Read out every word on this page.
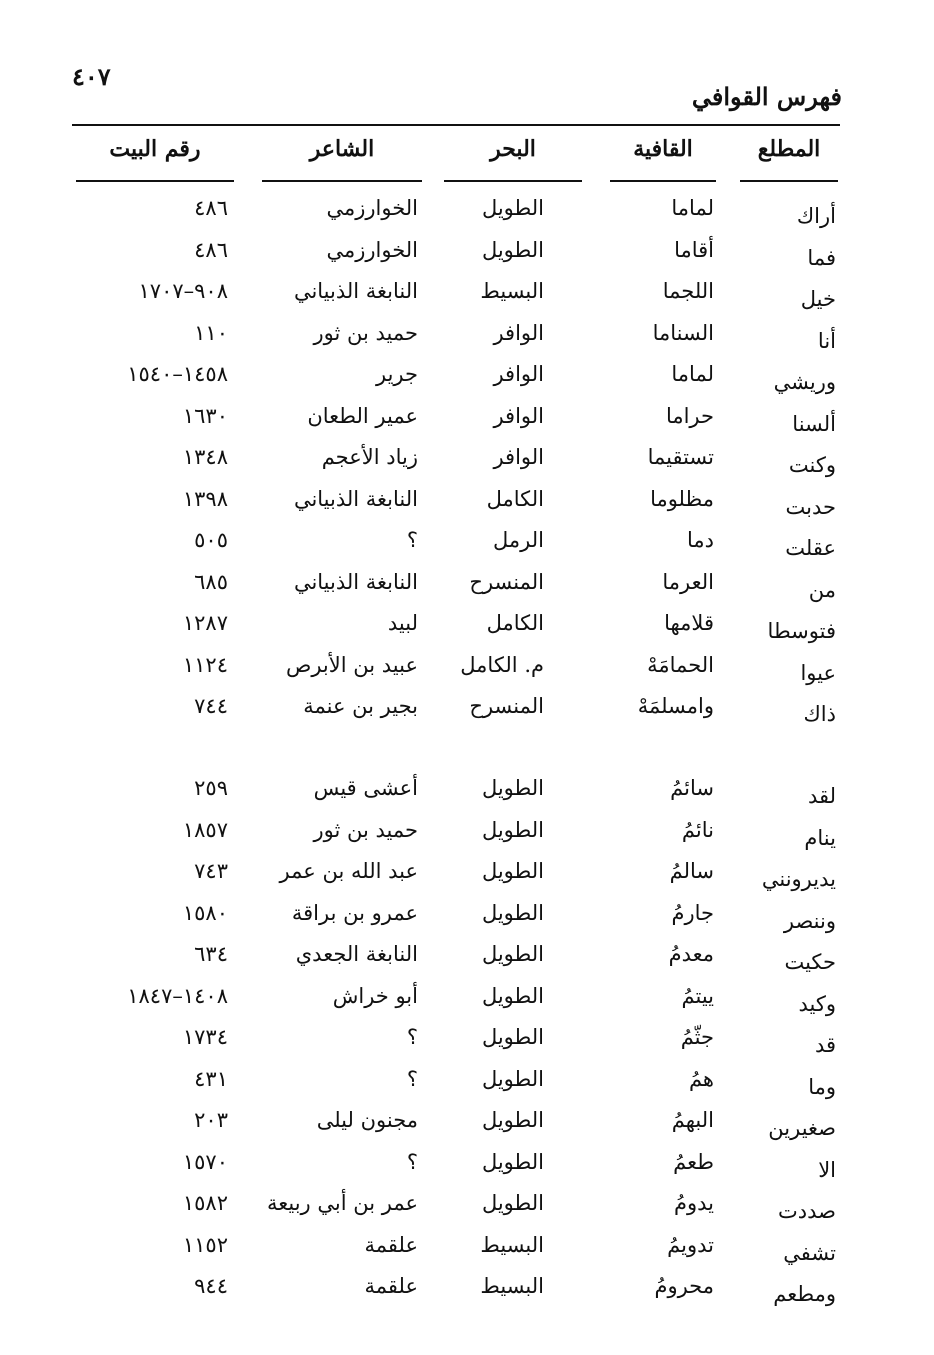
٤٠٧
فهرس القوافي
المطلع
القافية
البحر
الشاعر
رقم البيت
أراك
لماما
الطويل
الخوارزمي
٤٨٦
فما
أقاما
الطويل
الخوارزمي
٤٨٦
خيل
اللجما
البسيط
النابغة الذبياني
٩٠٨–١٧٠٧
أنا
السناما
الوافر
حميد بن ثور
١١٠
وريشي
لماما
الوافر
جرير
١٤٥٨–١٥٤٠
ألسنا
حراما
الوافر
عمير الطعان
١٦٣٠
وكنت
تستقيما
الوافر
زياد الأعجم
١٣٤٨
حدبت
مظلوما
الكامل
النابغة الذبياني
١٣٩٨
عقلت
دما
الرمل
؟
٥٠٥
من
العرما
المنسرح
النابغة الذبياني
٦٨٥
فتوسطا
قلامها
الكامل
لبيد
١٢٨٧
عيوا
الحمامَهْ
م. الكامل
عبيد بن الأبرص
١١٢٤
ذاك
وامسلمَهْ
المنسرح
بجير بن عنمة
٧٤٤
لقد
سائمُ
الطويل
أعشى قيس
٢٥٩
ينام
نائمُ
الطويل
حميد بن ثور
١٨٥٧
يديرونني
سالمُ
الطويل
عبد الله بن عمر
٧٤٣
وننصر
جارمُ
الطويل
عمرو بن براقة
١٥٨٠
حكيت
معدمُ
الطويل
النابغة الجعدي
٦٣٤
وكيد
ييتمُ
الطويل
أبو خراش
١٤٠٨–١٨٤٧
قد
جثّمُ
الطويل
؟
١٧٣٤
وما
همُ
الطويل
؟
٤٣١
صغيرين
البهمُ
الطويل
مجنون ليلى
٢٠٣
الا
طعمُ
الطويل
؟
١٥٧٠
صددت
يدومُ
الطويل
عمر بن أبي ربيعة
١٥٨٢
تشفي
تدويمُ
البسيط
علقمة
١١٥٢
ومطعم
محرومُ
البسيط
علقمة
٩٤٤
